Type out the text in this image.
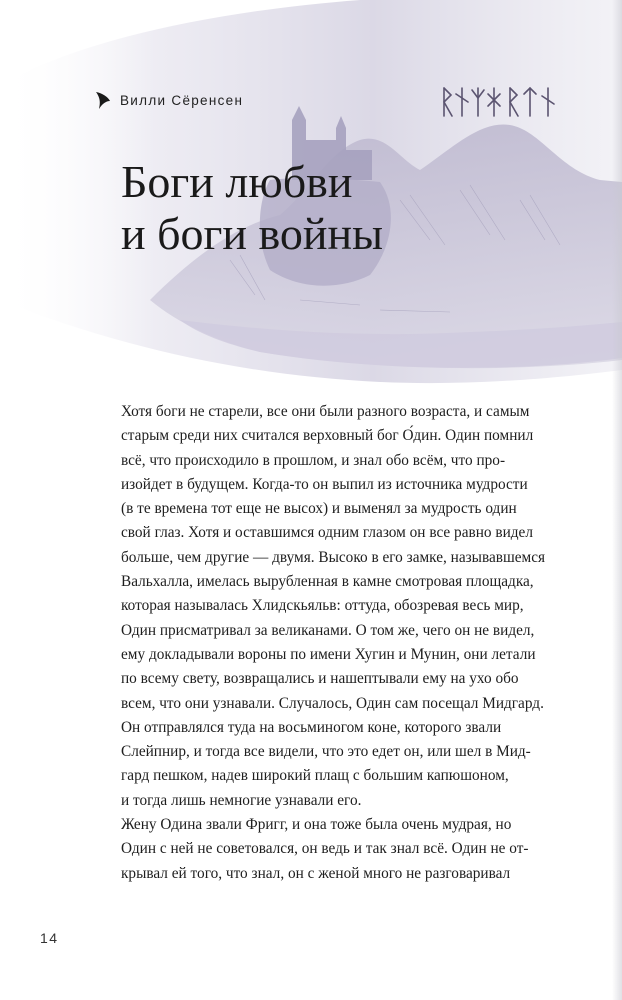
Вилли Сёренсен
Боги любви
и боги войны

Хотя боги не старели, все они были разного возраста, и самым
старым среди них считался верховный бог О́дин. Один помнил
всё, что происходило в прошлом, и знал обо всём, что про-
изойдет в будущем. Когда-то он выпил из источника мудрости
(в те времена тот еще не высох) и выменял за мудрость один
свой глаз. Хотя и оставшимся одним глазом он все равно видел
больше, чем другие — двумя. Высоко в его замке, называвшемся
Вальхалла, имелась вырубленная в камне смотровая площадка,
которая называлась Хлидскьяльв: оттуда, обозревая весь мир,
Один присматривал за великанами. О том же, чего он не видел,
ему докладывали вороны по имени Хугин и Мунин, они летали
по всему свету, возвращались и нашептывали ему на ухо обо
всем, что они узнавали. Случалось, Один сам посещал Мидгард.
Он отправлялся туда на восьминогом коне, которого звали
Слейпнир, и тогда все видели, что это едет он, или шел в Мид-
гард пешком, надев широкий плащ с большим капюшоном,
и тогда лишь немногие узнавали его.

Жену Одина звали Фригг, и она тоже была очень мудрая, но
Один с ней не советовался, он ведь и так знал всё. Один не от-
крывал ей того, что знал, он с женой много не разговаривал

14
